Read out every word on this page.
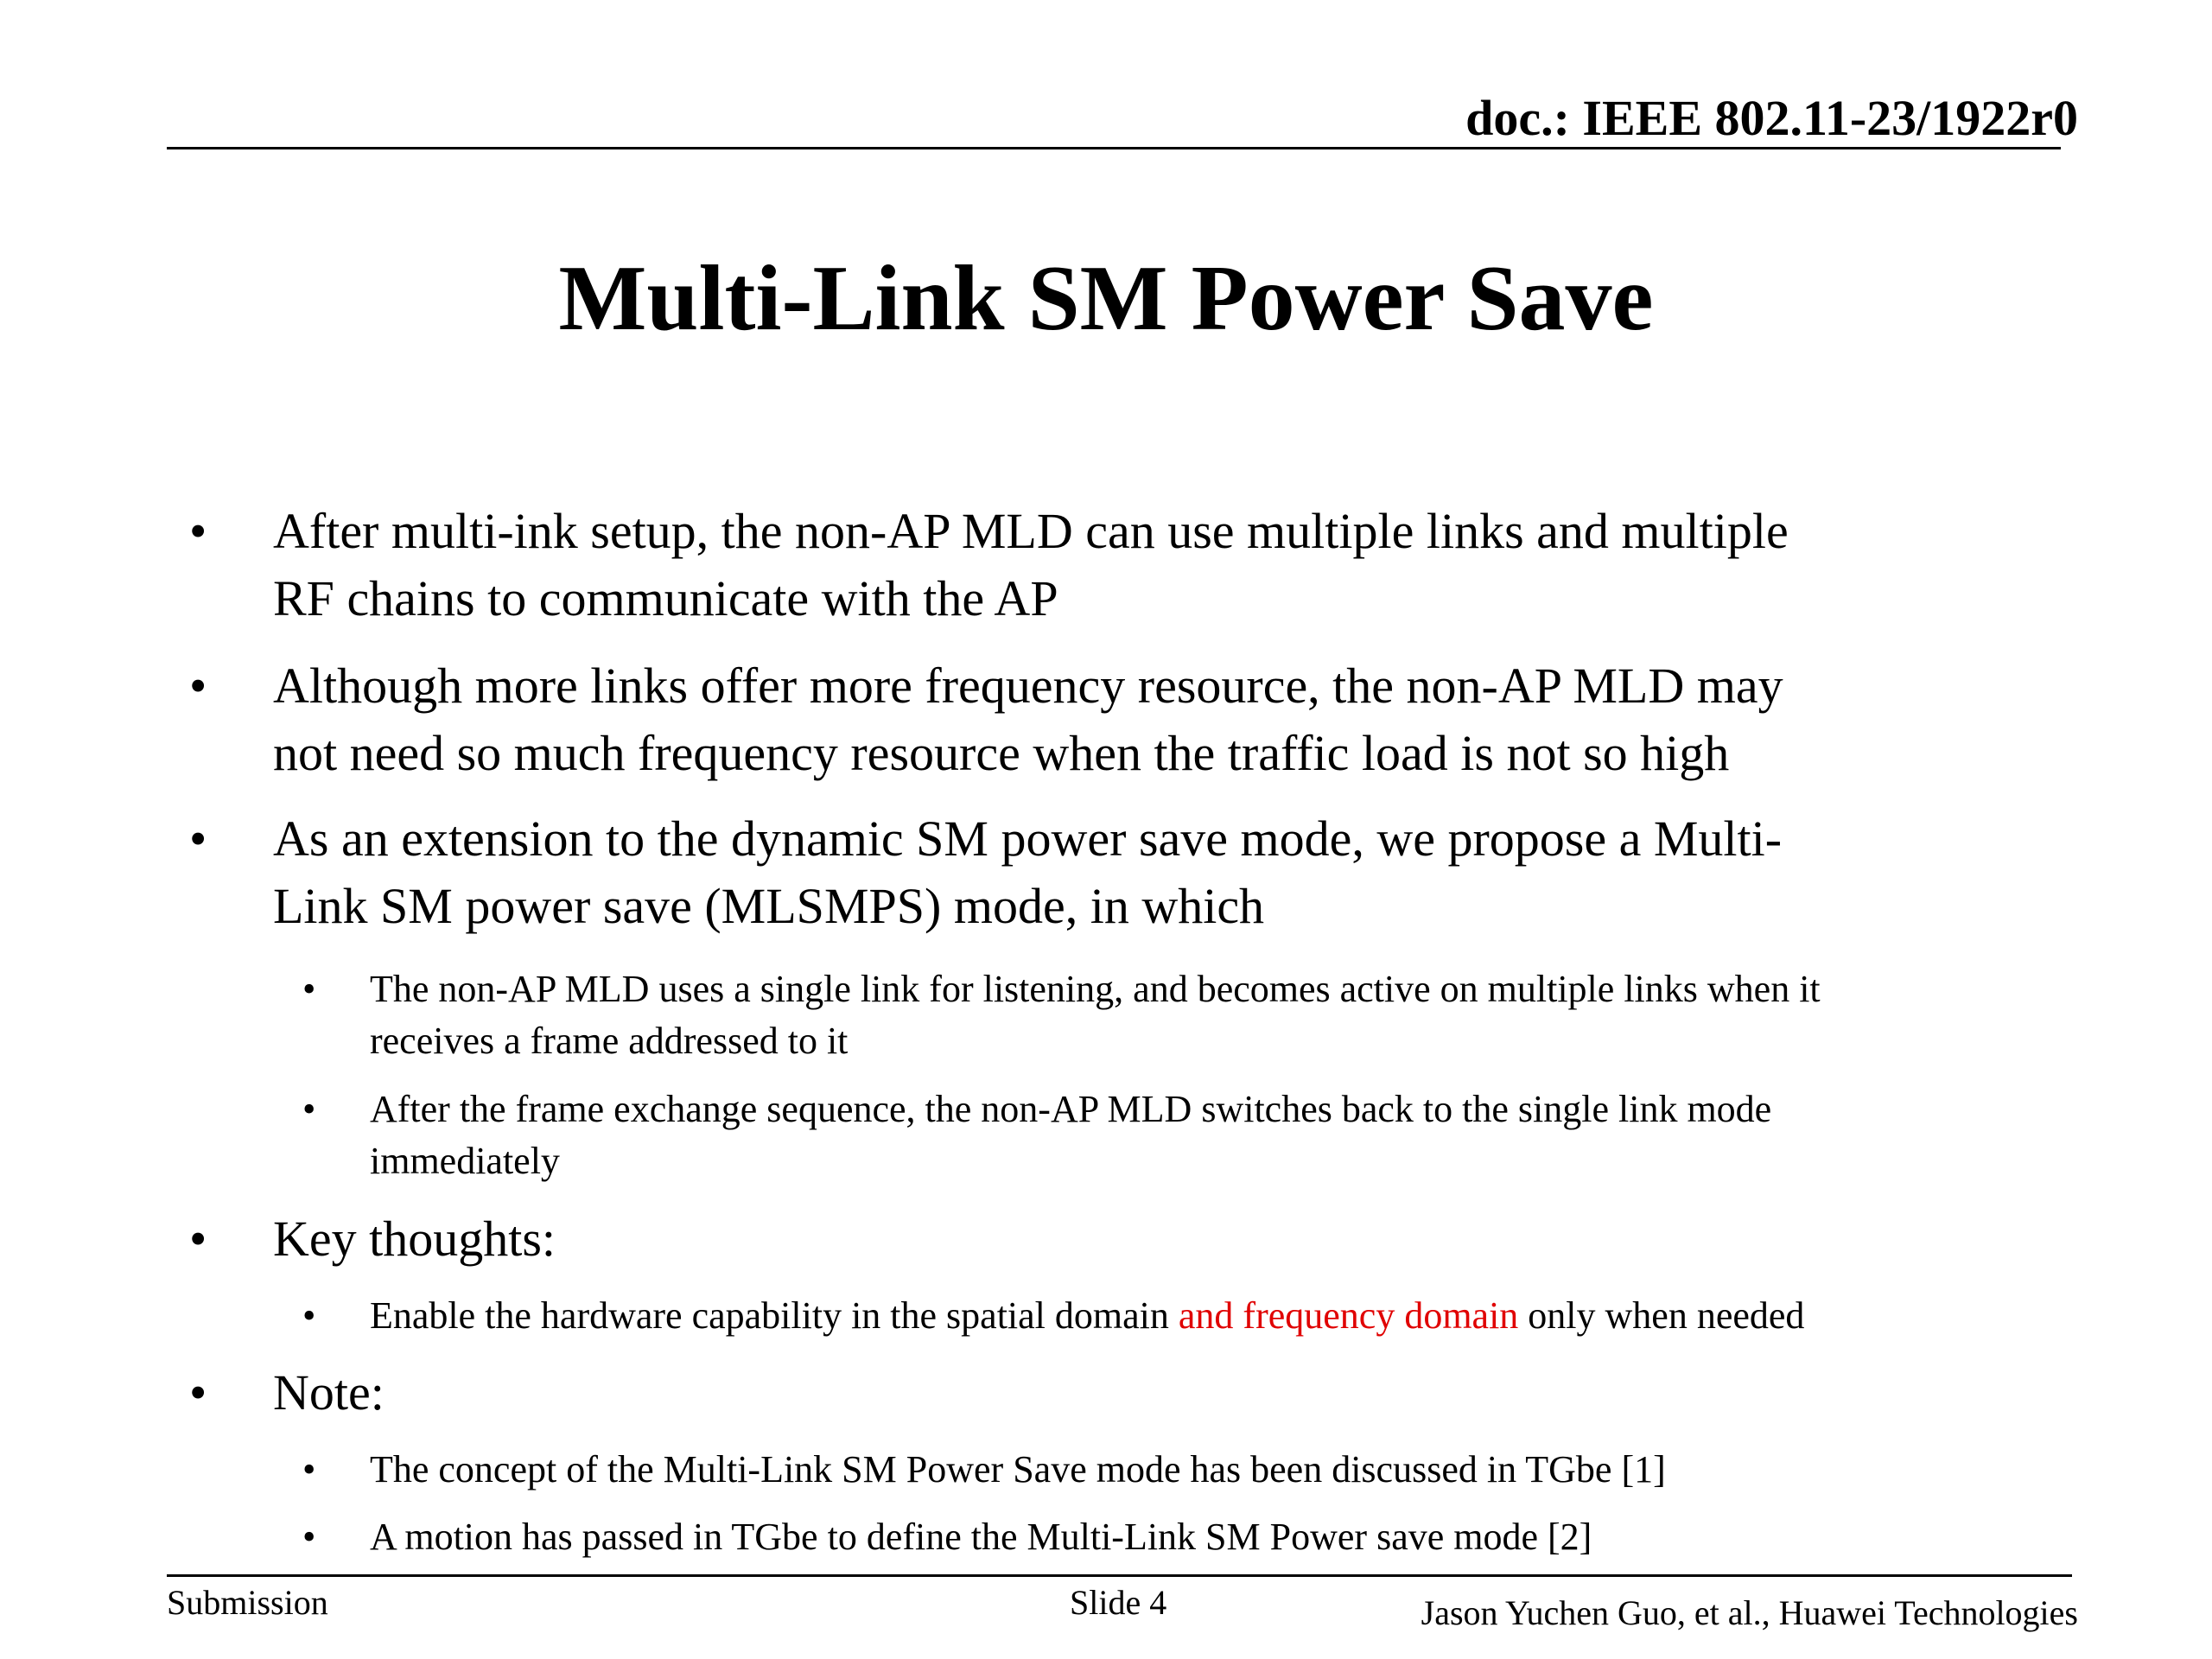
doc.: IEEE 802.11-23/1922r0
Multi-Link SM Power Save
• After multi-ink setup, the non-AP MLD can use multiple links and multiple
RF chains to communicate with the AP
• Although more links offer more frequency resource, the non-AP MLD may
not need so much frequency resource when the traffic load is not so high
• As an extension to the dynamic SM power save mode, we propose a Multi-
Link SM power save (MLSMPS) mode, in which
• The non-AP MLD uses a single link for listening, and becomes active on multiple links when it
receives a frame addressed to it
• After the frame exchange sequence, the non-AP MLD switches back to the single link mode
immediately
• Key thoughts:
• Enable the hardware capability in the spatial domain and frequency domain only when needed
• Note:
• The concept of the Multi-Link SM Power Save mode has been discussed in TGbe [1]
• A motion has passed in TGbe to define the Multi-Link SM Power save mode [2]
Submission	Slide 4	Jason Yuchen Guo, et al., Huawei Technologies
